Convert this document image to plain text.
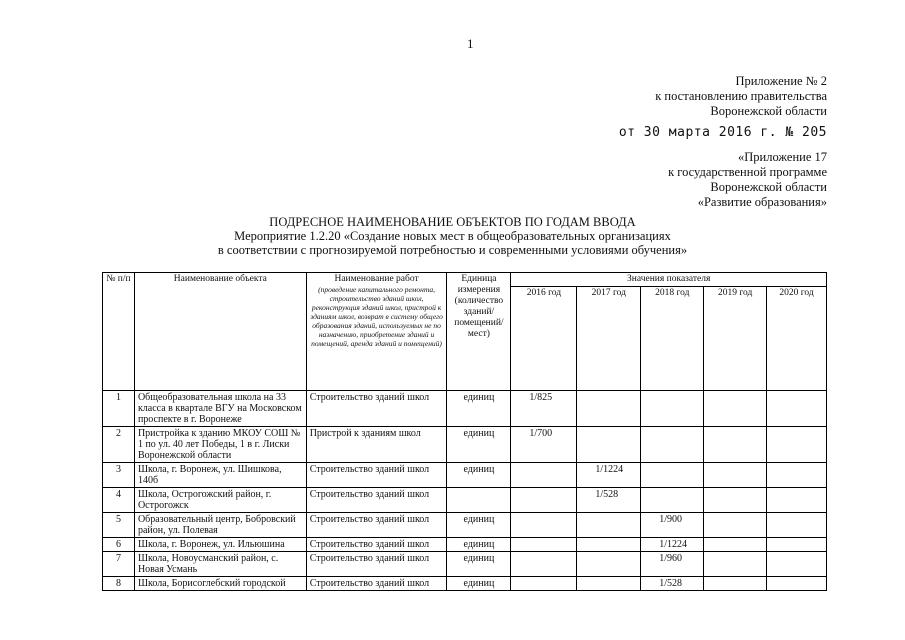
1
Приложение № 2
к постановлению правительства
Воронежской области
от 30 марта 2016 г. № 205
«Приложение 17
к государственной программе
Воронежской области
«Развитие образования»
ПОДРЕСНОЕ НАИМЕНОВАНИЕ ОБЪЕКТОВ ПО ГОДАМ ВВОДА
Мероприятие 1.2.20 «Создание новых мест в общеобразовательных организациях
в соответствии с прогнозируемой потребностью и современными условиями обучения»
№ п/п	Наименование объекта	Наименование работ
(проведение капитального ремонта, строительство зданий школ, реконструкция зданий школ, пристрой к зданиям школ, возврат в систему общего образования зданий, используемых не по назначению, приобретение зданий и помещений, аренда зданий и помещений)	Единица измерения (количество зданий/ помещений/ мест)	Значения показателя				
				2016 год	2017 год	2018 год	2019 год	2020 год
1	Общеобразовательная школа на 33 класса в квартале ВГУ на Московском проспекте в г. Воронеже	Строительство зданий школ	единиц	1/825				
2	Пристройка к зданию МКОУ СОШ № 1 по ул. 40 лет Победы, 1 в г. Лиски Воронежской области	Пристрой к зданиям школ	единиц	1/700				
3	Школа, г. Воронеж, ул. Шишкова, 140б	Строительство зданий школ	единиц		1/1224			
4	Школа, Острогожский район, г. Острогожск	Строительство зданий школ			1/528			
5	Образовательный центр, Бобровский район, ул. Полевая	Строительство зданий школ	единиц			1/900		
6	Школа, г. Воронеж, ул. Ильюшина	Строительство зданий школ	единиц			1/1224		
7	Школа, Новоусманский район, с. Новая Усмань	Строительство зданий школ	единиц			1/960		
8	Школа, Борисоглебский городской	Строительство зданий школ	единиц			1/528		
